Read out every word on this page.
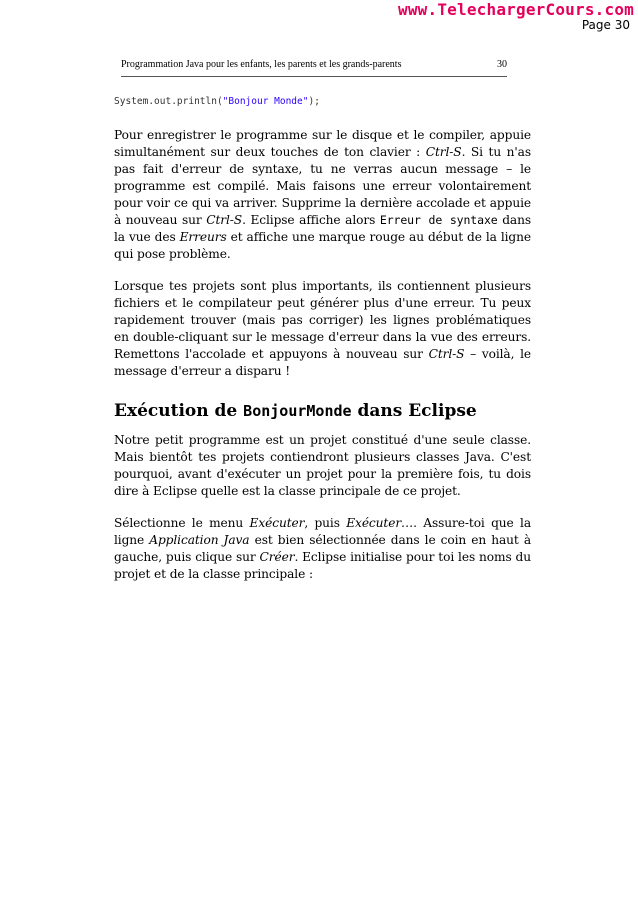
www.TelechargerCours.com
Page 30
Programmation Java pour les enfants, les parents et les grands-parents	30
System.out.println("Bonjour Monde");

Pour enregistrer le programme sur le disque et le compiler, appuie simultanément sur deux touches de ton clavier : Ctrl-S. Si tu n'as pas fait d'erreur de syntaxe, tu ne verras aucun message – le programme est compilé. Mais faisons une erreur volontairement pour voir ce qui va arriver. Supprime la dernière accolade et appuie à nouveau sur Ctrl-S. Eclipse affiche alors Erreur de syntaxe dans la vue des Erreurs et affiche une marque rouge au début de la ligne qui pose problème.

Lorsque tes projets sont plus importants, ils contiennent plusieurs fichiers et le compilateur peut générer plus d'une erreur. Tu peux rapidement trouver (mais pas corriger) les lignes problématiques en double-cliquant sur le message d'erreur dans la vue des erreurs. Remettons l'accolade et appuyons à nouveau sur Ctrl-S – voilà, le message d'erreur a disparu !

Exécution de BonjourMonde dans Eclipse

Notre petit programme est un projet constitué d'une seule classe. Mais bientôt tes projets contiendront plusieurs classes Java. C'est pourquoi, avant d'exécuter un projet pour la première fois, tu dois dire à Eclipse quelle est la classe principale de ce projet.

Sélectionne le menu Exécuter, puis Exécuter…. Assure-toi que la ligne Application Java est bien sélectionnée dans le coin en haut à gauche, puis clique sur Créer. Eclipse initialise pour toi les noms du projet et de la classe principale :
